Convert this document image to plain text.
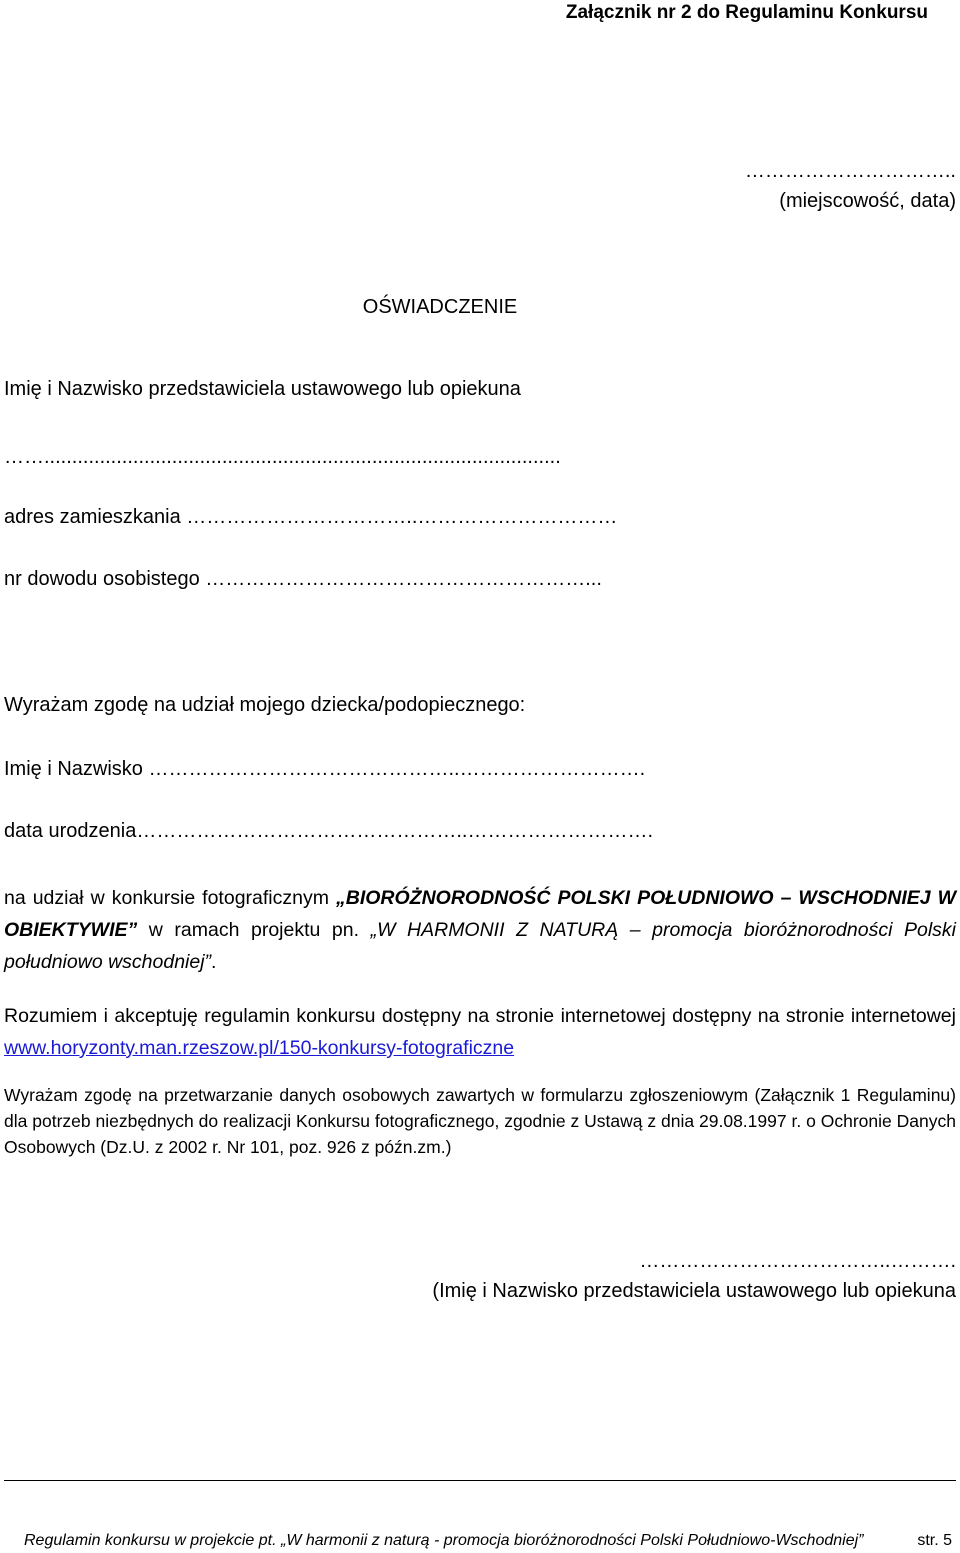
Załącznik nr 2 do Regulaminu Konkursu
…………………………..
(miejscowość, data)
OŚWIADCZENIE
Imię i Nazwisko przedstawiciela ustawowego lub opiekuna
…….............................................................................................
adres zamieszkania ……………………………..…………………………
nr dowodu osobistego …………………………………………………...
Wyrażam zgodę na udział mojego dziecka/podopiecznego:
Imię i Nazwisko ………………………………………..……………………….
data urodzenia…………………………………………..……………………….
na udział w konkursie fotograficznym „BIORÓŻNORODNOŚĆ POLSKI POŁUDNIOWO – WSCHODNIEJ W OBIEKTYWIE” w ramach projektu pn. „W HARMONII Z NATURĄ – promocja bioróżnorodności Polski południowo wschodniej”.
Rozumiem i akceptuję regulamin konkursu dostępny na stronie internetowej dostępny na stronie internetowej www.horyzonty.man.rzeszow.pl/150-konkursy-fotograficzne
Wyrażam zgodę na przetwarzanie danych osobowych zawartych w formularzu zgłoszeniowym (Załącznik 1 Regulaminu) dla potrzeb niezbędnych do realizacji Konkursu fotograficznego, zgodnie z Ustawą z dnia 29.08.1997 r. o Ochronie Danych Osobowych (Dz.U. z 2002 r. Nr 101, poz. 926 z późn.zm.)
………………………………..……….
(Imię i Nazwisko przedstawiciela ustawowego lub opiekuna
Regulamin konkursu w projekcie pt. „W harmonii z naturą - promocja bioróżnorodności Polski Południowo-Wschodniej”	str. 5
